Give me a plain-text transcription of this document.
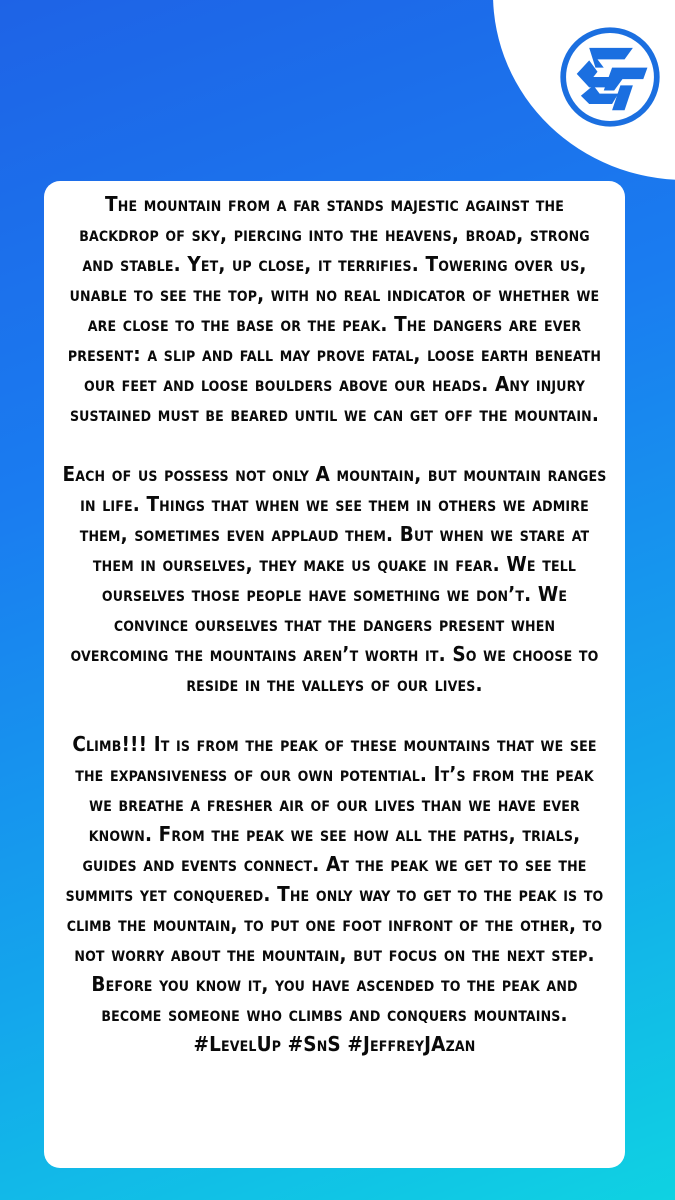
The mountain from a far stands majestic against the backdrop of sky, piercing into the heavens, broad, strong and stable. Yet, up close, it terrifies. Towering over us, unable to see the top, with no real indicator of whether we are close to the base or the peak. The dangers are ever present: a slip and fall may prove fatal, loose earth beneath our feet and loose boulders above our heads. Any injury sustained must be beared until we can get off the mountain.

Each of us possess not only A mountain, but mountain ranges in life. Things that when we see them in others we admire them, sometimes even applaud them. But when we stare at them in ourselves, they make us quake in fear. We tell ourselves those people have something we don’t. We convince ourselves that the dangers present when overcoming the mountains aren’t worth it. So we choose to reside in the valleys of our lives.

Climb!!! It is from the peak of these mountains that we see the expansiveness of our own potential. It’s from the peak we breathe a fresher air of our lives than we have ever known. From the peak we see how all the paths, trials, guides and events connect. At the peak we get to see the summits yet conquered. The only way to get to the peak is to climb the mountain, to put one foot infront of the other, to not worry about the mountain, but focus on the next step. Before you know it, you have ascended to the peak and become someone who climbs and conquers mountains.

#LevelUp #SnS #JeffreyJAzan
